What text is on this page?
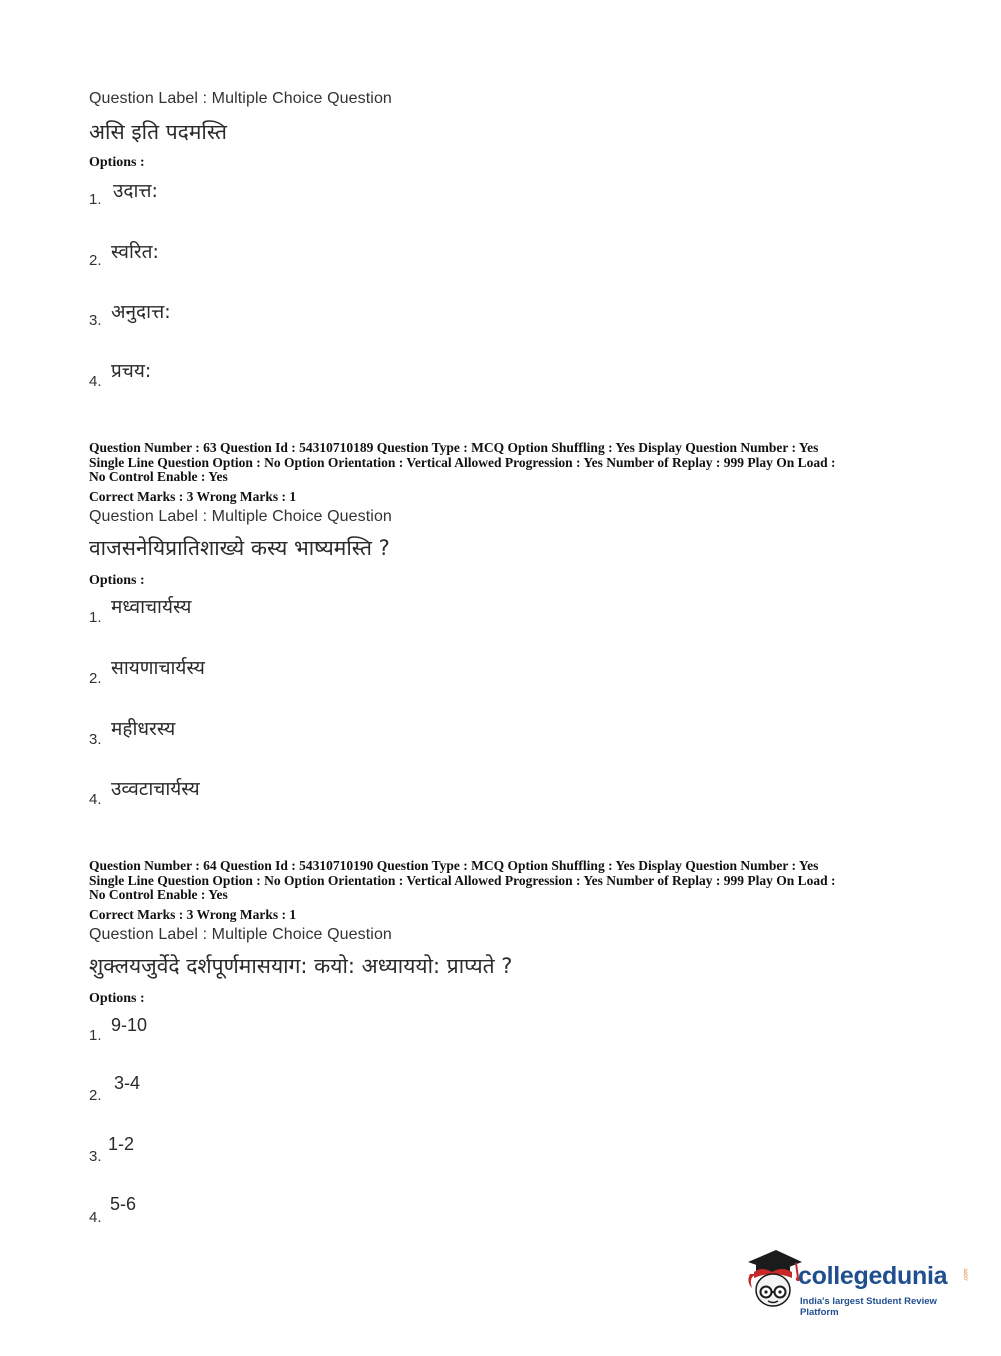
Question Label : Multiple Choice Question
असि इति पदमस्ति
Options :
1. उदात्त:
2. स्वरित:
3. अनुदात्त:
4. प्रचय:
Question Number : 63 Question Id : 54310710189 Question Type : MCQ Option Shuffling : Yes Display Question Number : Yes
Single Line Question Option : No Option Orientation : Vertical Allowed Progression : Yes Number of Replay : 999 Play On Load :
No Control Enable : Yes
Correct Marks : 3 Wrong Marks : 1
Question Label : Multiple Choice Question
वाजसनेयिप्रातिशाख्ये कस्य भाष्यमस्ति ?
Options :
1. मध्वाचार्यस्य
2. सायणाचार्यस्य
3. महीधरस्य
4. उव्वटाचार्यस्य
Question Number : 64 Question Id : 54310710190 Question Type : MCQ Option Shuffling : Yes Display Question Number : Yes
Single Line Question Option : No Option Orientation : Vertical Allowed Progression : Yes Number of Replay : 999 Play On Load :
No Control Enable : Yes
Correct Marks : 3 Wrong Marks : 1
Question Label : Multiple Choice Question
शुक्लयजुर्वेदे दर्शपूर्णमासयाग: कयो: अध्याययो: प्राप्यते ?
Options :
1.
9-10
2.
3-4
3.
1-2
4.
5-6
collegedunia	.com
India's largest Student Review Platform
